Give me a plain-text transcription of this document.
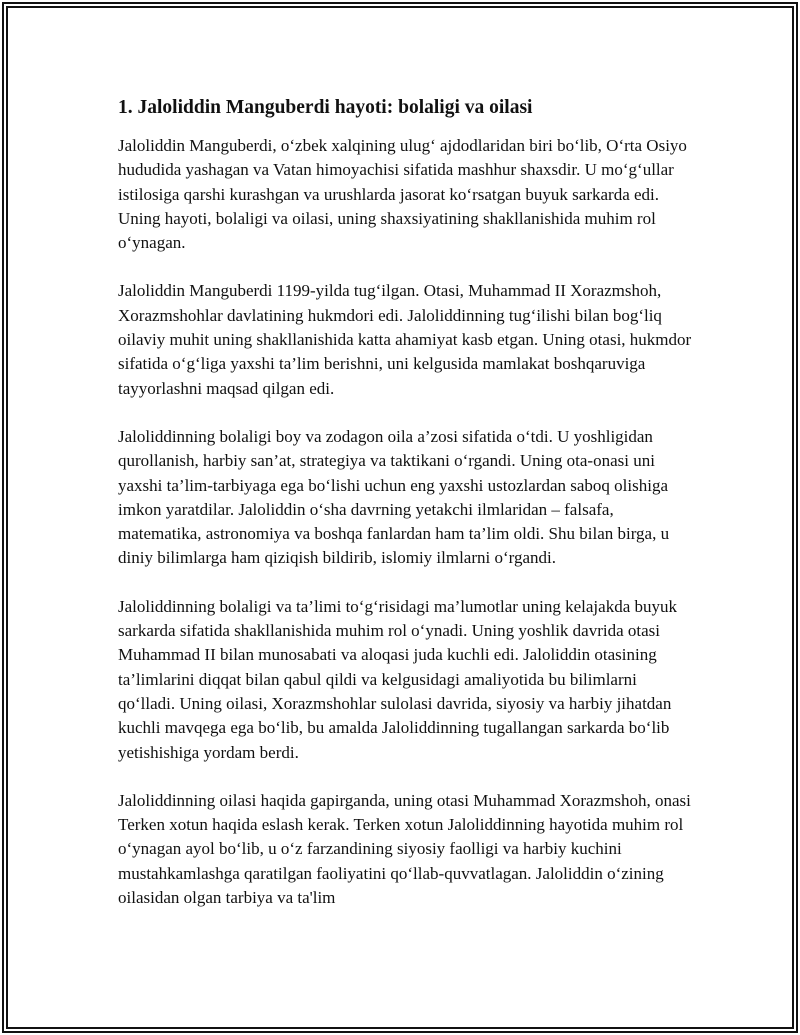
1. Jaloliddin Manguberdi hayoti: bolaligi va oilasi

Jaloliddin Manguberdi, o‘zbek xalqining ulug‘ ajdodlaridan biri bo‘lib, O‘rta Osiyo hududida yashagan va Vatan himoyachisi sifatida mashhur shaxsdir. U mo‘g‘ullar istilosiga qarshi kurashgan va urushlarda jasorat ko‘rsatgan buyuk sarkarda edi. Uning hayoti, bolaligi va oilasi, uning shaxsiyatining shakllanishida muhim rol o‘ynagan.

Jaloliddin Manguberdi 1199-yilda tug‘ilgan. Otasi, Muhammad II Xorazmshoh, Xorazmshohlar davlatining hukmdori edi. Jaloliddinning tug‘ilishi bilan bog‘liq oilaviy muhit uning shakllanishida katta ahamiyat kasb etgan. Uning otasi, hukmdor sifatida o‘g‘liga yaxshi ta’lim berishni, uni kelgusida mamlakat boshqaruviga tayyorlashni maqsad qilgan edi.

Jaloliddinning bolaligi boy va zodagon oila a’zosi sifatida o‘tdi. U yoshligidan qurollanish, harbiy san’at, strategiya va taktikani o‘rgandi. Uning ota-onasi uni yaxshi ta’lim-tarbiyaga ega bo‘lishi uchun eng yaxshi ustozlardan saboq olishiga imkon yaratdilar. Jaloliddin o‘sha davrning yetakchi ilmlaridan – falsafa, matematika, astronomiya va boshqa fanlardan ham ta’lim oldi. Shu bilan birga, u diniy bilimlarga ham qiziqish bildirib, islomiy ilmlarni o‘rgandi.

Jaloliddinning bolaligi va ta’limi to‘g‘risidagi ma’lumotlar uning kelajakda buyuk sarkarda sifatida shakllanishida muhim rol o‘ynadi. Uning yoshlik davrida otasi Muhammad II bilan munosabati va aloqasi juda kuchli edi. Jaloliddin otasining ta’limlarini diqqat bilan qabul qildi va kelgusidagi amaliyotida bu bilimlarni qo‘lladi. Uning oilasi, Xorazmshohlar sulolasi davrida, siyosiy va harbiy jihatdan kuchli mavqega ega bo‘lib, bu amalda Jaloliddinning tugallangan sarkarda bo‘lib yetishishiga yordam berdi.

Jaloliddinning oilasi haqida gapirganda, uning otasi Muhammad Xorazmshoh, onasi Terken xotun haqida eslash kerak. Terken xotun Jaloliddinning hayotida muhim rol o‘ynagan ayol bo‘lib, u o‘z farzandining siyosiy faolligi va harbiy kuchini mustahkamlashga qaratilgan faoliyatini qo‘llab-quvvatlagan. Jaloliddin o‘zining oilasidan olgan tarbiya va ta'lim
